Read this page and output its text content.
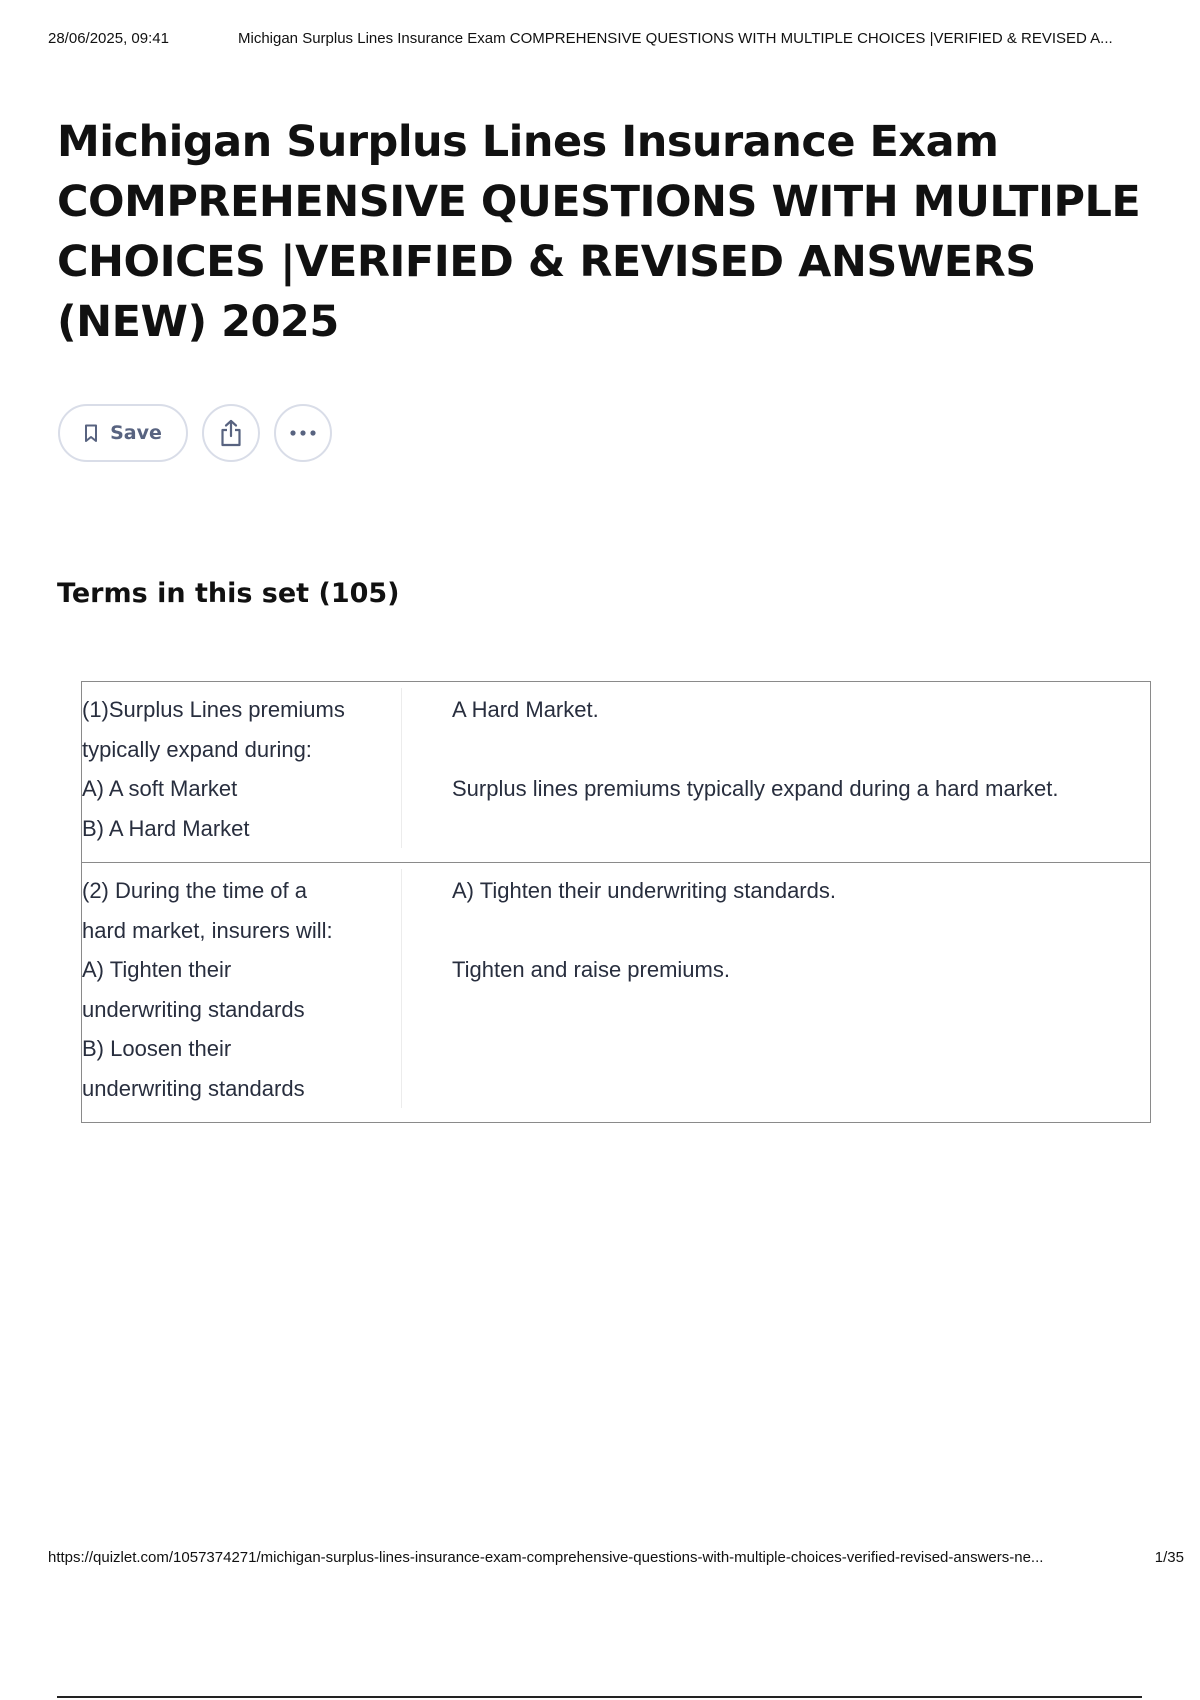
28/06/2025, 09:41	Michigan Surplus Lines Insurance Exam COMPREHENSIVE QUESTIONS WITH MULTIPLE CHOICES |VERIFIED & REVISED A...
Michigan Surplus Lines Insurance Exam COMPREHENSIVE QUESTIONS WITH MULTIPLE CHOICES |VERIFIED & REVISED ANSWERS (NEW) 2025
Save
Terms in this set (105)
(1)Surplus Lines premiums
typically expand during:
A) A soft Market
B) A Hard Market
A Hard Market.
Surplus lines premiums typically expand during a hard market.
(2) During the time of a
hard market, insurers will:
A) Tighten their
underwriting standards
B) Loosen their
underwriting standards
A) Tighten their underwriting standards.
Tighten and raise premiums.
https://quizlet.com/1057374271/michigan-surplus-lines-insurance-exam-comprehensive-questions-with-multiple-choices-verified-revised-answers-ne...	1/35
